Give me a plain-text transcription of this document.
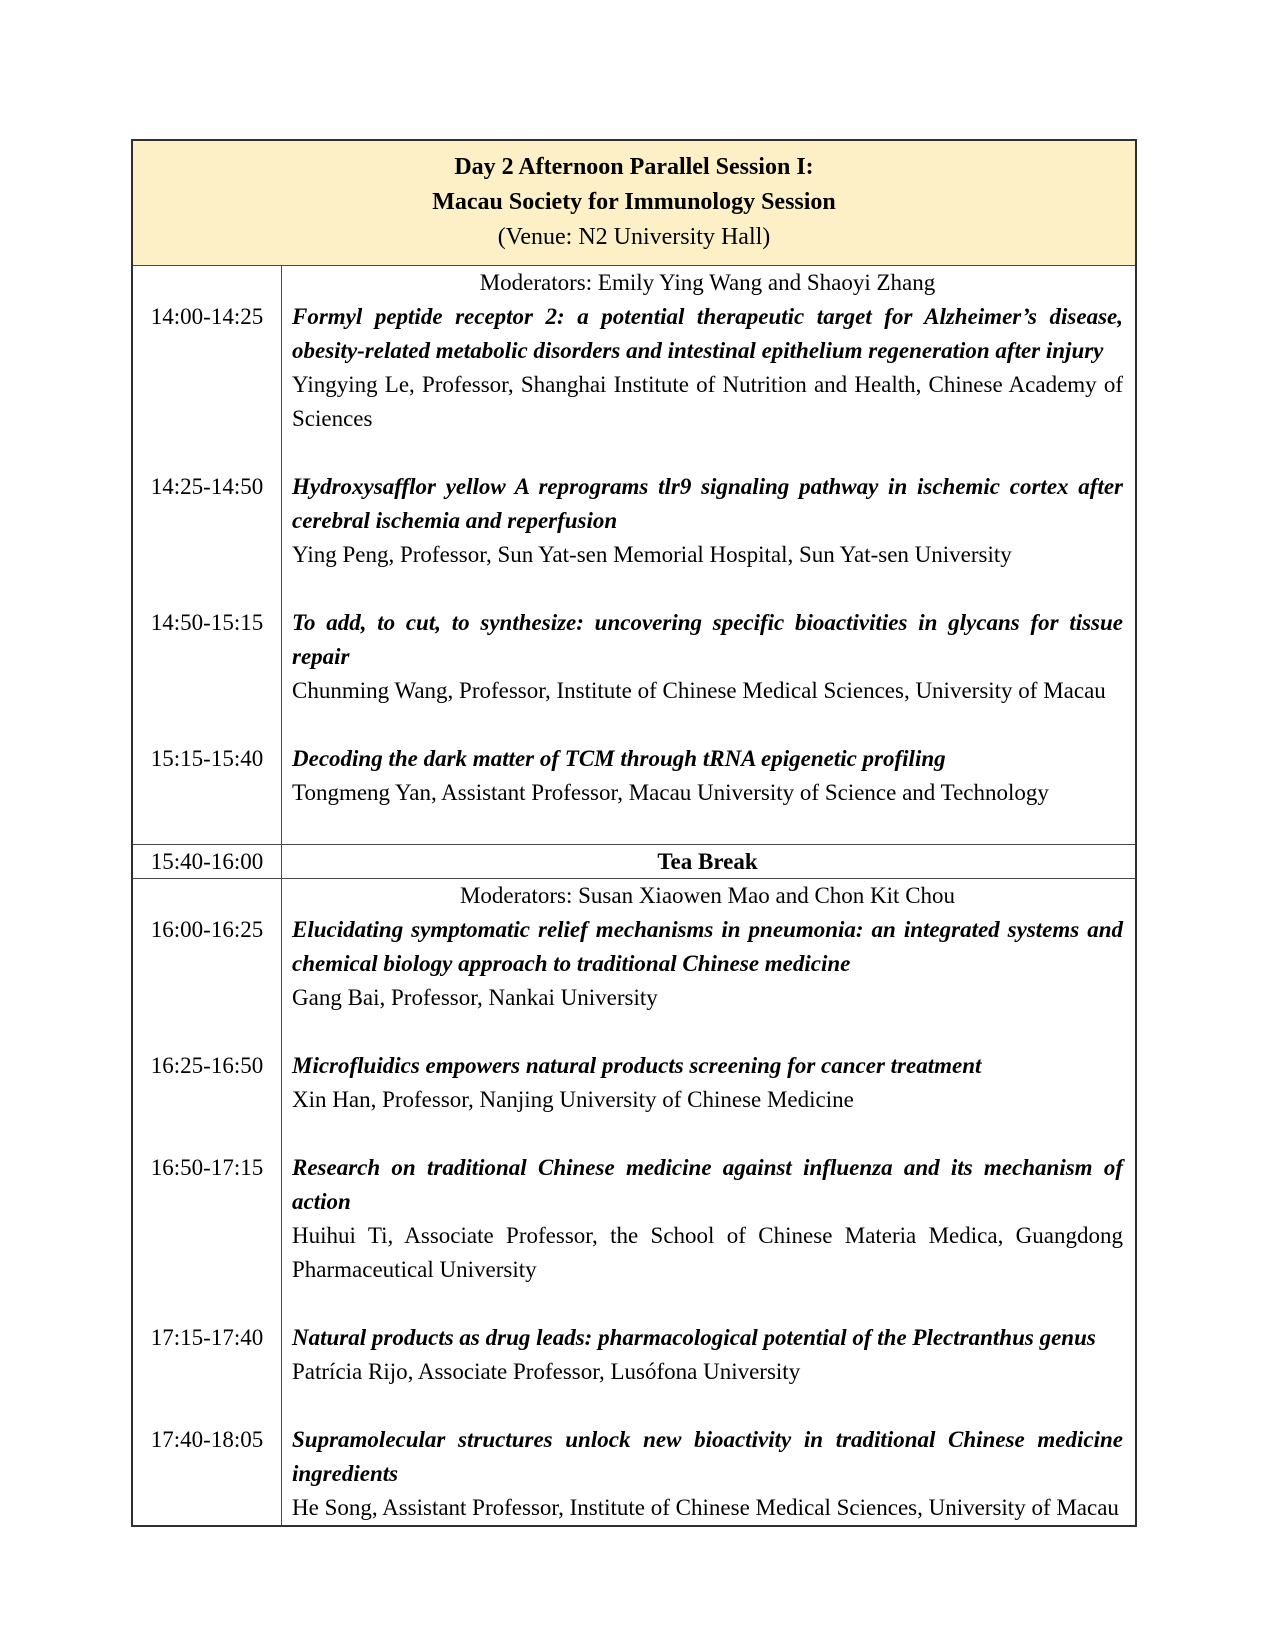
Day 2 Afternoon Parallel Session I:
Macau Society for Immunology Session
(Venue: N2 University Hall)
Moderators: Emily Ying Wang and Shaoyi Zhang
14:00-14:25	Formyl peptide receptor 2: a potential therapeutic target for Alzheimer’s disease, obesity-related metabolic disorders and intestinal epithelium regeneration after injury

Yingying Le, Professor, Shanghai Institute of Nutrition and Health, Chinese Academy of Sciences

14:25-14:50	Hydroxysafflor yellow A reprograms tlr9 signaling pathway in ischemic cortex after cerebral ischemia and reperfusion

Ying Peng, Professor, Sun Yat-sen Memorial Hospital, Sun Yat-sen University

14:50-15:15	To add, to cut, to synthesize: uncovering specific bioactivities in glycans for tissue repair

Chunming Wang, Professor, Institute of Chinese Medical Sciences, University of Macau

15:15-15:40	Decoding the dark matter of TCM through tRNA epigenetic profiling

Tongmeng Yan, Assistant Professor, Macau University of Science and Technology

15:40-16:00	Tea Break
Moderators: Susan Xiaowen Mao and Chon Kit Chou
16:00-16:25	Elucidating symptomatic relief mechanisms in pneumonia: an integrated systems and chemical biology approach to traditional Chinese medicine

Gang Bai, Professor, Nankai University

16:25-16:50	Microfluidics empowers natural products screening for cancer treatment

Xin Han, Professor, Nanjing University of Chinese Medicine

16:50-17:15	Research on traditional Chinese medicine against influenza and its mechanism of action

Huihui Ti, Associate Professor, the School of Chinese Materia Medica, Guangdong Pharmaceutical University

17:15-17:40	Natural products as drug leads: pharmacological potential of the Plectranthus genus

Patrícia Rijo, Associate Professor, Lusófona University

17:40-18:05	Supramolecular structures unlock new bioactivity in traditional Chinese medicine ingredients

He Song, Assistant Professor, Institute of Chinese Medical Sciences, University of Macau
